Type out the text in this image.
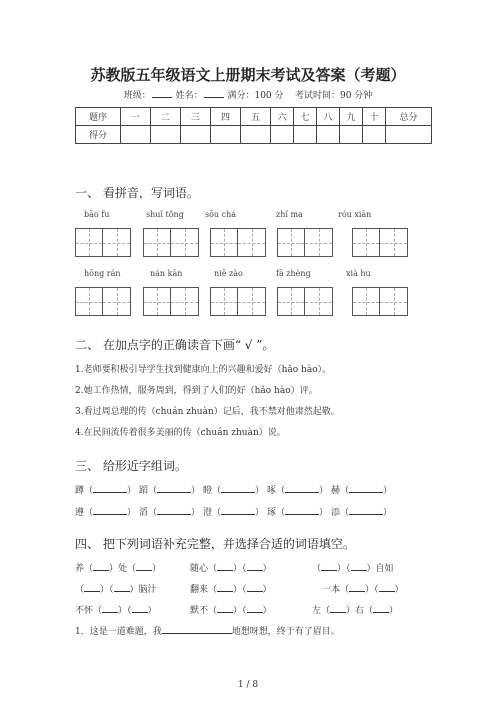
苏教版五年级语文上册期末考试及答案（考题）
班级：	姓名：	满分：100 分 考试时间：90 分钟
题序	一	二	三	四	五	六	七	八	九	十	总分
得分											
一、 看拼音，写词语。
bāo fu	shuǐ tǒng	sōu chá	zhǐ ma	róu xiān
hōng rán	nán kān	niē zào	fā zhèng	xià hu
二、 在加点字的正确读音下画“ √ ”。
1.老师要积极引导学生找到健康向上的兴趣和爱好（hǎo hào）。
2.她工作热情，服务周到，得到了人们的好（hǎo hào）评。
3.看过周总理的传（chuán zhuàn）记后，我不禁对他肃然起敬。
4.在民间流传着很多美丽的传（chuán zhuàn）说。
三、 给形近字组词。
蹲（	） 蹈（	） 瞪（	） 啄（	） 赫（	）
遵（	） 滔（	） 澄（	） 琢（	） 添（	）
四、 把下列词语补充完整，并选择合适的词语填空。
养（ ）处（ ）	随心（ ）（ ）	（ ）（ ）自如
（ ）（ ）脑汁	翻来（ ）（ ）	一本（ ）（ ）
不怀（ ）（ ）	默不（ ）（ ）	左（ ）右（ ）
1．这是一道难题，我	地想呀想，终于有了眉目。
1 / 8
